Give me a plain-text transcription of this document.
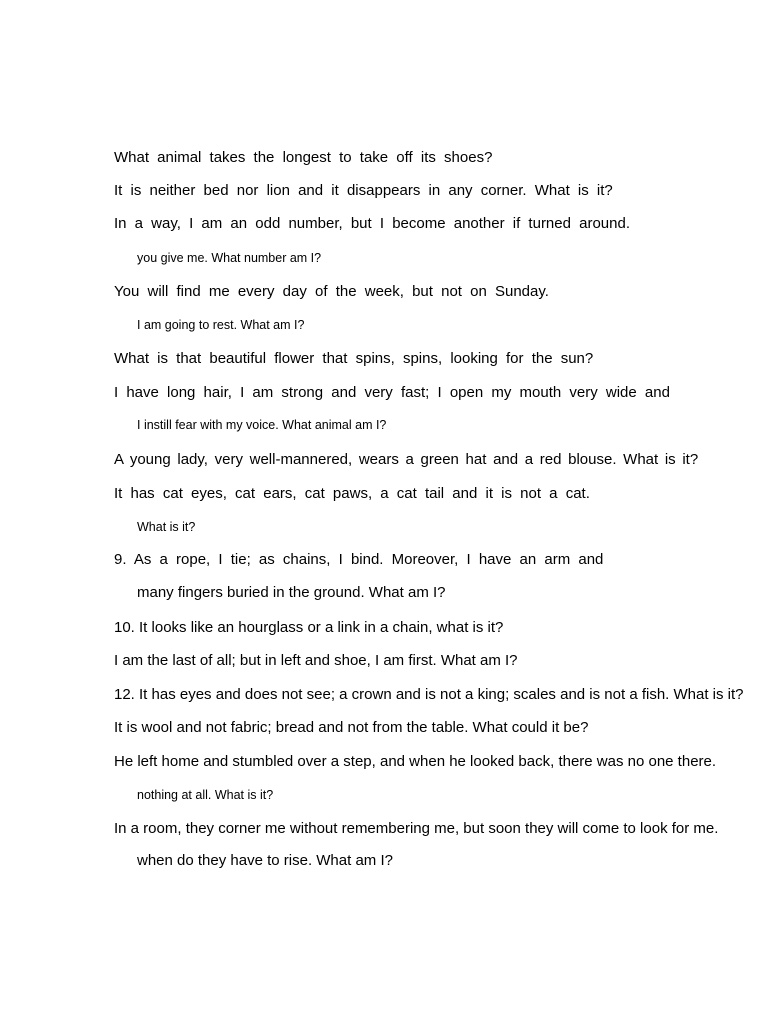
What animal takes the longest to take off its shoes?
It is neither bed nor lion and it disappears in any corner. What is it?
In a way, I am an odd number, but I become another if turned around.
you give me. What number am I?
You will find me every day of the week, but not on Sunday.
I am going to rest. What am I?
What is that beautiful flower that spins, spins, looking for the sun?
I have long hair, I am strong and very fast; I open my mouth very wide and
I instill fear with my voice. What animal am I?
A young lady, very well-mannered, wears a green hat and a red blouse. What is it?
It has cat eyes, cat ears, cat paws, a cat tail and it is not a cat.
What is it?
9. As a rope, I tie; as chains, I bind. Moreover, I have an arm and
many fingers buried in the ground. What am I?
10. It looks like an hourglass or a link in a chain, what is it?
I am the last of all; but in left and shoe, I am first. What am I?
12. It has eyes and does not see; a crown and is not a king; scales and is not a fish. What is it?
It is wool and not fabric; bread and not from the table. What could it be?
He left home and stumbled over a step, and when he looked back, there was no one there.
nothing at all. What is it?
In a room, they corner me without remembering me, but soon they will come to look for me.
when do they have to rise. What am I?
